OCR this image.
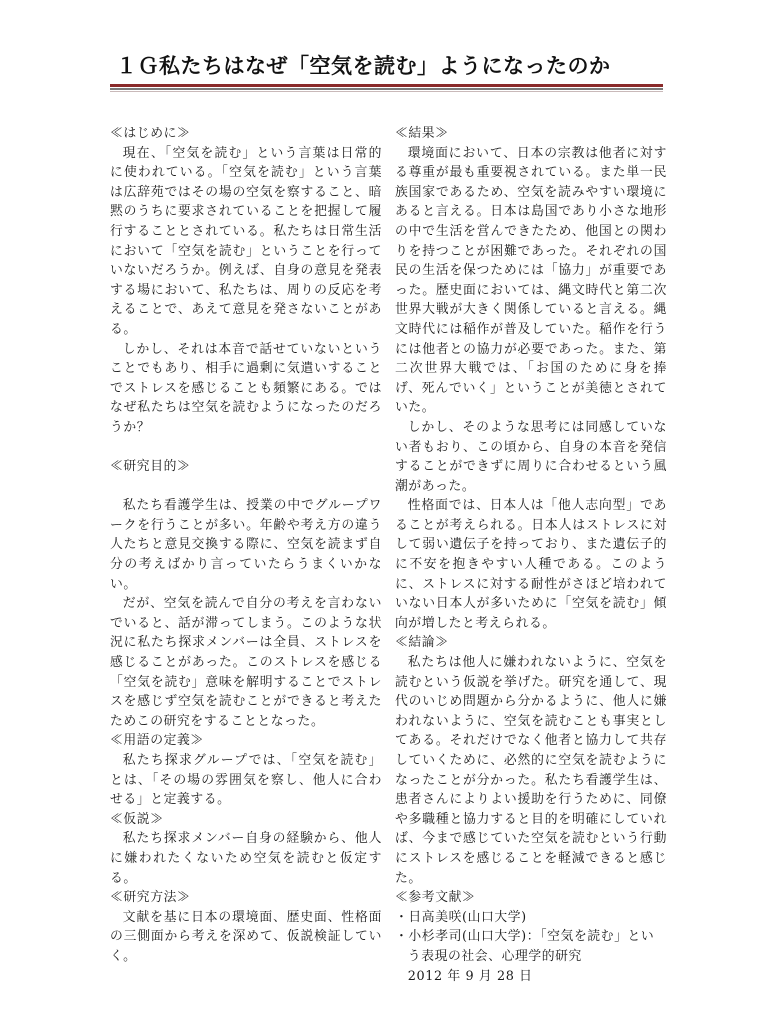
１Ｇ私たちはなぜ「空気を読む」ようになったのか
≪はじめに≫

現在、「空気を読む」という言葉は日常的に使われている。「空気を読む」という言葉は広辞苑ではその場の空気を察すること、暗黙のうちに要求されていることを把握して履行することとされている。私たちは日常生活において「空気を読む」ということを行っていないだろうか。例えば、自身の意見を発表する場において、私たちは、周りの反応を考えることで、あえて意見を発さないことがある。

しかし、それは本音で話せていないということでもあり、相手に過剰に気遣いすることでストレスを感じることも頻繁にある。ではなぜ私たちは空気を読むようになったのだろうか？

≪研究目的≫

私たち看護学生は、授業の中でグループワークを行うことが多い。年齢や考え方の違う人たちと意見交換する際に、空気を読まず自分の考えばかり言っていたらうまくいかない。

だが、空気を読んで自分の考えを言わないでいると、話が滞ってしまう。このような状況に私たち探求メンバーは全員、ストレスを感じることがあった。このストレスを感じる「空気を読む」意味を解明することでストレスを感じず空気を読むことができると考えたためこの研究をすることとなった。

≪用語の定義≫

私たち探求グループでは、「空気を読む」とは、「その場の雰囲気を察し、他人に合わせる」と定義する。

≪仮説≫

私たち探求メンバー自身の経験から、他人に嫌われたくないため空気を読むと仮定する。

≪研究方法≫

文献を基に日本の環境面、歴史面、性格面の三側面から考えを深めて、仮説検証していく。

≪結果≫

環境面において、日本の宗教は他者に対する尊重が最も重要視されている。また単一民族国家であるため、空気を読みやすい環境にあると言える。日本は島国であり小さな地形の中で生活を営んできたため、他国との関わりを持つことが困難であった。それぞれの国民の生活を保つためには「協力」が重要であった。歴史面においては、縄文時代と第二次世界大戦が大きく関係していると言える。縄文時代には稲作が普及していた。稲作を行うには他者との協力が必要であった。また、第二次世界大戦では、「お国のために身を捧げ、死んでいく」ということが美徳とされていた。

しかし、そのような思考には同感していない者もおり、この頃から、自身の本音を発信することができずに周りに合わせるという風潮があった。

性格面では、日本人は「他人志向型」であることが考えられる。日本人はストレスに対して弱い遺伝子を持っており、また遺伝子的に不安を抱きやすい人種である。このように、ストレスに対する耐性がさほど培われていない日本人が多いために「空気を読む」傾向が増したと考えられる。

≪結論≫

私たちは他人に嫌われないように、空気を読むという仮説を挙げた。研究を通して、現代のいじめ問題から分かるように、他人に嫌われないように、空気を読むことも事実としてある。それだけでなく他者と協力して共存していくために、必然的に空気を読むようになったことが分かった。私たち看護学生は、患者さんによりよい援助を行うために、同僚や多職種と協力すると目的を明確にしていれば、今まで感じていた空気を読むという行動にストレスを感じることを軽減できると感じた。

≪参考文献≫
・日高美咲(山口大学)
・小杉孝司(山口大学)：「空気を読む」という表現の社会、心理学的研究
2012 年 9 月 28 日
